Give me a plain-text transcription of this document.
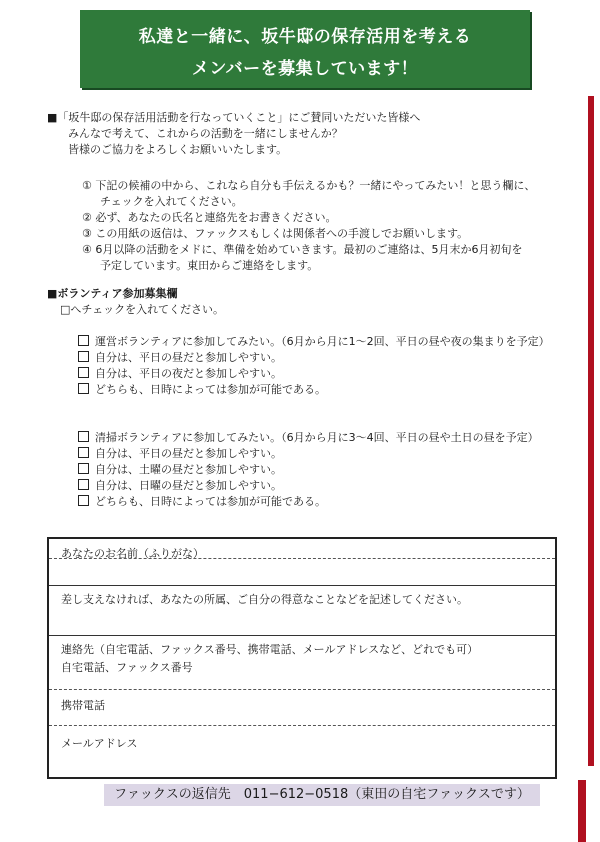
私達と一緒に、坂牛邸の保存活用を考える
メンバーを募集しています！
■「坂牛邸の保存活用活動を行なっていくこと」にご賛同いただいた皆様へ
みんなで考えて、これからの活動を一緒にしませんか？
皆様のご協力をよろしくお願いいたします。
① 下記の候補の中から、これなら自分も手伝えるかも？一緒にやってみたい！と思う欄に、
チェックを入れてください。
② 必ず、あなたの氏名と連絡先をお書きください。
③ この用紙の返信は、ファックスもしくは関係者への手渡しでお願いします。
④ 6月以降の活動をメドに、準備を始めていきます。最初のご連絡は、5月末か6月初旬を
予定しています。東田からご連絡をします。
■ボランティア参加募集欄
□へチェックを入れてください。
運営ボランティアに参加してみたい。（6月から月に1〜2回、平日の昼や夜の集まりを予定）
自分は、平日の昼だと参加しやすい。
自分は、平日の夜だと参加しやすい。
どちらも、日時によっては参加が可能である。
清掃ボランティアに参加してみたい。（6月から月に3〜4回、平日の昼や土日の昼を予定）
自分は、平日の昼だと参加しやすい。
自分は、土曜の昼だと参加しやすい。
自分は、日曜の昼だと参加しやすい。
どちらも、日時によっては参加が可能である。
あなたのお名前（ふりがな）
差し支えなければ、あなたの所属、ご自分の得意なことなどを記述してください。
連絡先（自宅電話、ファックス番号、携帯電話、メールアドレスなど、どれでも可）
自宅電話、ファックス番号
携帯電話
メールアドレス
ファックスの返信先　011−612−0518（東田の自宅ファックスです）
